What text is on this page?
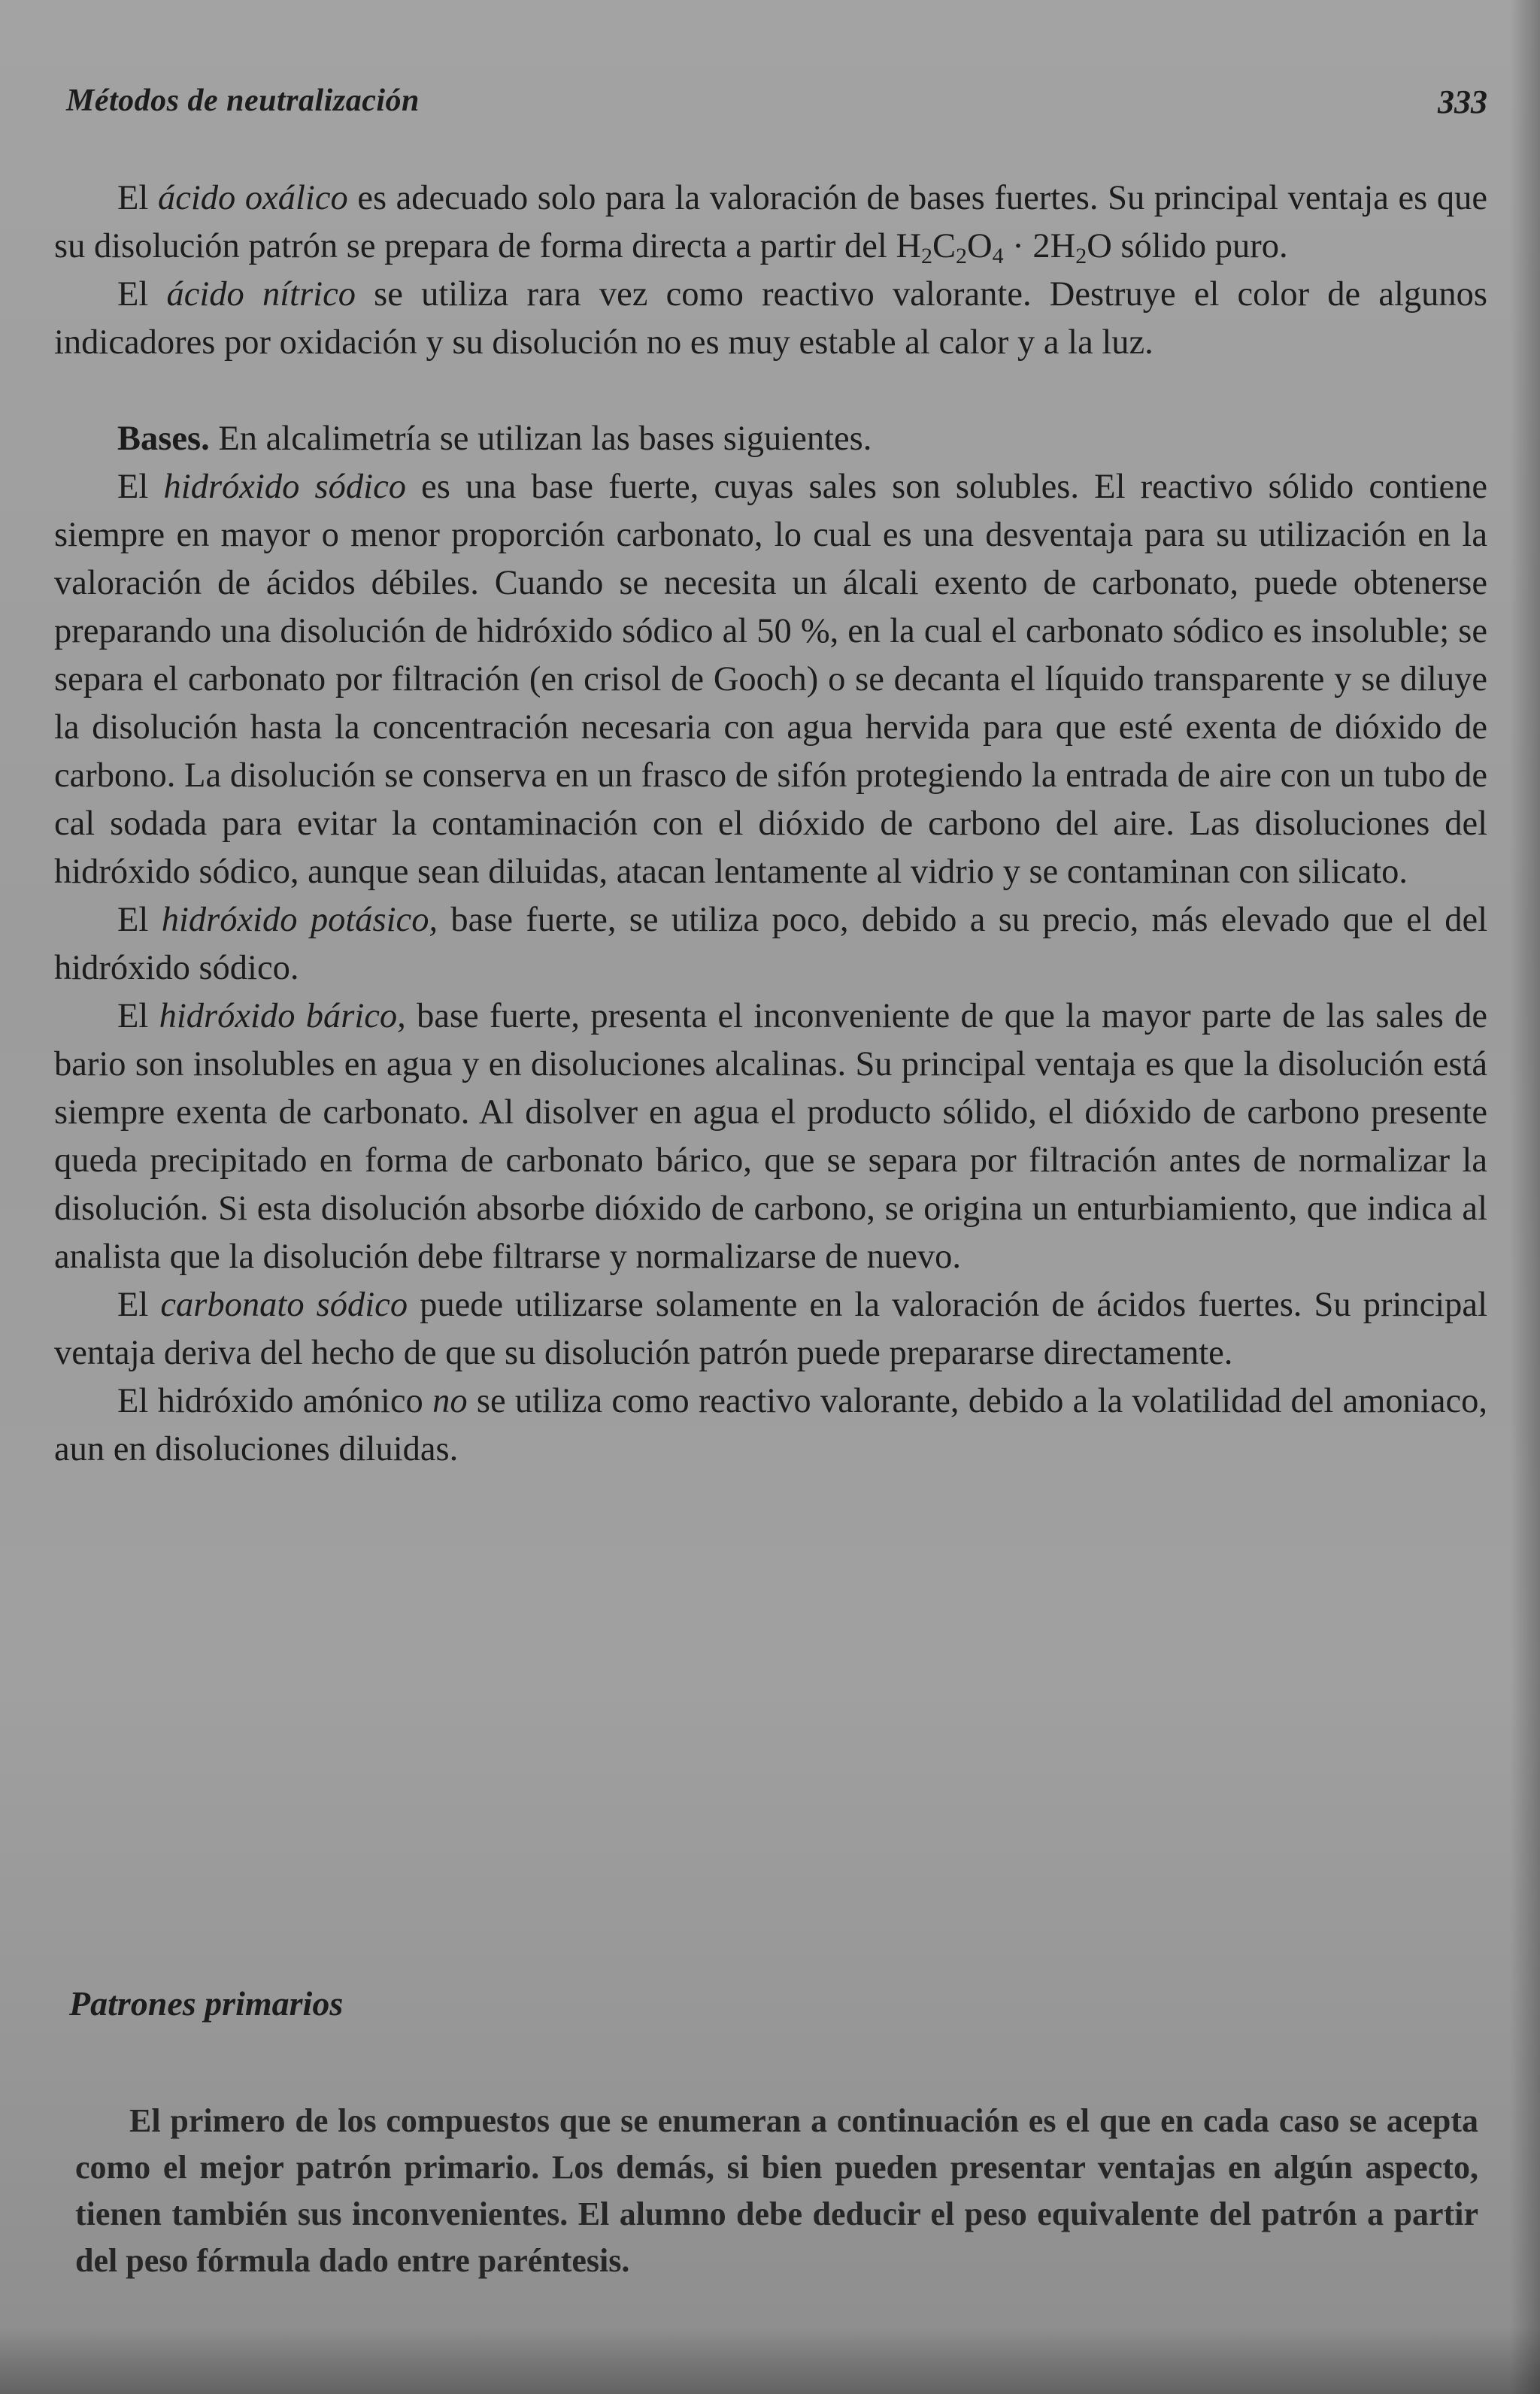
Métodos de neutralización	333

El ácido oxálico es adecuado solo para la valoración de bases fuertes. Su principal ventaja es que su disolución patrón se prepara de forma directa a partir del $H_2C_2O_4 \cdot 2H_2O$ sólido puro.

El ácido nítrico se utiliza rara vez como reactivo valorante. Destruye el color de algunos indicadores por oxidación y su disolución no es muy estable al calor y a la luz.

Bases. En alcalimetría se utilizan las bases siguientes.

El hidróxido sódico es una base fuerte, cuyas sales son solubles. El reactivo sólido contiene siempre en mayor o menor proporción carbonato, lo cual es una desventaja para su utilización en la valoración de ácidos débiles. Cuando se necesita un álcali exento de carbonato, puede obtenerse preparando una disolución de hidróxido sódico al 50 %, en la cual el carbonato sódico es insoluble; se separa el carbonato por filtración (en crisol de Gooch) o se decanta el líquido transparente y se diluye la disolución hasta la concentración necesaria con agua hervida para que esté exenta de dióxido de carbono. La disolución se conserva en un frasco de sifón protegiendo la entrada de aire con un tubo de cal sodada para evitar la contaminación con el dióxido de carbono del aire. Las disoluciones del hidróxido sódico, aunque sean diluidas, atacan lentamente al vidrio y se contaminan con silicato.

El hidróxido potásico, base fuerte, se utiliza poco, debido a su precio, más elevado que el del hidróxido sódico.

El hidróxido bárico, base fuerte, presenta el inconveniente de que la mayor parte de las sales de bario son insolubles en agua y en disoluciones alcalinas. Su principal ventaja es que la disolución está siempre exenta de carbonato. Al disolver en agua el producto sólido, el dióxido de carbono presente queda precipitado en forma de carbonato bárico, que se separa por filtración antes de normalizar la disolución. Si esta disolución absorbe dióxido de carbono, se origina un enturbiamiento, que indica al analista que la disolución debe filtrarse y normalizarse de nuevo.

El carbonato sódico puede utilizarse solamente en la valoración de ácidos fuertes. Su principal ventaja deriva del hecho de que su disolución patrón puede prepararse directamente.

El hidróxido amónico no se utiliza como reactivo valorante, debido a la volatilidad del amoniaco, aun en disoluciones diluidas.

Patrones primarios

El primero de los compuestos que se enumeran a continuación es el que en cada caso se acepta como el mejor patrón primario. Los demás, si bien pueden presentar ventajas en algún aspecto, tienen también sus inconvenientes. El alumno debe deducir el peso equivalente del patrón a partir del peso fórmula dado entre paréntesis.
